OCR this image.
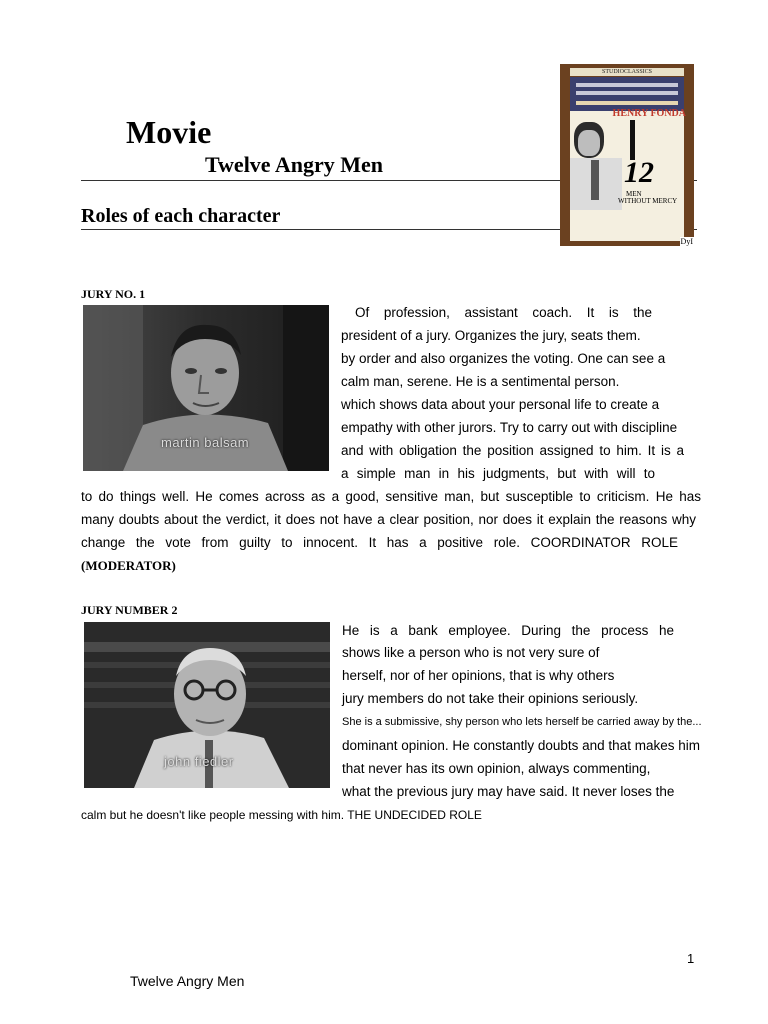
Movie
Twelve Angry Men
Roles of each character
STUDIOCLASSICS
HENRY FONDA
12
MEN
WITHOUT MERCY
DyI
JURY NO. 1
martin balsam
Of profession, assistant coach. It is the
president of a jury. Organizes the jury, seats them.
by order and also organizes the voting. One can see a
calm man, serene. He is a sentimental person.
which shows data about your personal life to create a
empathy with other jurors. Try to carry out with discipline
and with obligation the position assigned to him. It is a
a simple man in his judgments, but with will to
to do things well. He comes across as a good, sensitive man, but susceptible to criticism. He has
many doubts about the verdict, it does not have a clear position, nor does it explain the reasons why
change the vote from guilty to innocent. It has a positive role. COORDINATOR ROLE
(MODERATOR)
JURY NUMBER 2
john fiedler
He is a bank employee. During the process he
shows like a person who is not very sure of
herself, nor of her opinions, that is why others
jury members do not take their opinions seriously.
She is a submissive, shy person who lets herself be carried away by the...
dominant opinion. He constantly doubts and that makes him
that never has its own opinion, always commenting,
what the previous jury may have said. It never loses the
calm but he doesn't like people messing with him. THE UNDECIDED ROLE
1
Twelve Angry Men
